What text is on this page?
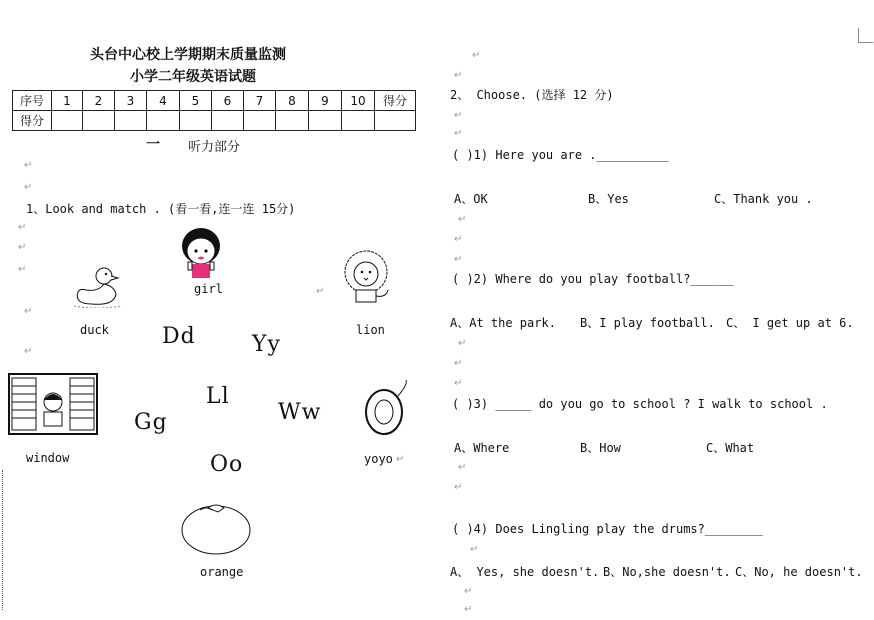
头台中心校上学期期末质量监测
小学二年级英语试题
序号	1	2	3	4	5	6	7	8	9	10	得分
得分											
一 听力部分
↵
↵
↵
↵
↵
↵
↵
1、Look and match . (看一看,连一连 15分)
girl
duck	lion
↵
window	yoyo ↵
orange
Dd	Yy
Ll
Gg	Ww
Oo
↵
↵
2、 Choose. (选择 12 分)
↵
↵
( )1) Here you are .__________
A、OK	B、Yes	C、Thank you .
↵
↵
↵
( )2) Where do you play football?______
A、At the park. B、I play football. C、 I get up at 6.
↵
↵
↵
( )3) _____ do you go to school ? I walk to school .
A、Where	B、How	C、What
↵
↵
( )4) Does Lingling play the drums?________
↵
A、 Yes, she doesn't. B、No,she doesn't. C、No, he doesn't.
↵
↵
